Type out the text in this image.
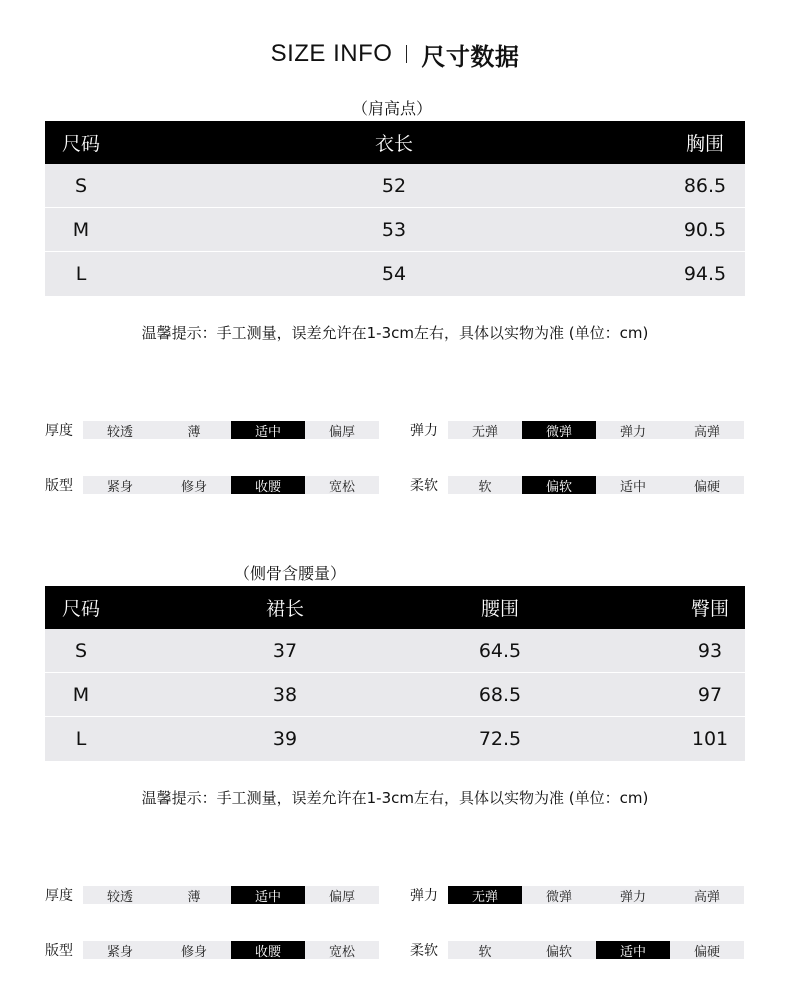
SIZE INFO 尺寸数据
（肩高点）
尺码	衣长	胸围
S	52	86.5
M	53	90.5
L	54	94.5
温馨提示：手工测量，误差允许在1-3cm左右，具体以实物为准 (单位：cm)
厚度	较透	薄	适中	偏厚	弹力	无弹	微弹	弹力	高弹
版型	紧身	修身	收腰	宽松	柔软	软	偏软	适中	偏硬
（侧骨含腰量）
尺码	裙长	腰围	臀围
S	37	64.5	93
M	38	68.5	97
L	39	72.5	101
温馨提示：手工测量，误差允许在1-3cm左右，具体以实物为准 (单位：cm)
厚度	较透	薄	适中	偏厚	弹力	无弹	微弹	弹力	高弹
版型	紧身	修身	收腰	宽松	柔软	软	偏软	适中	偏硬
